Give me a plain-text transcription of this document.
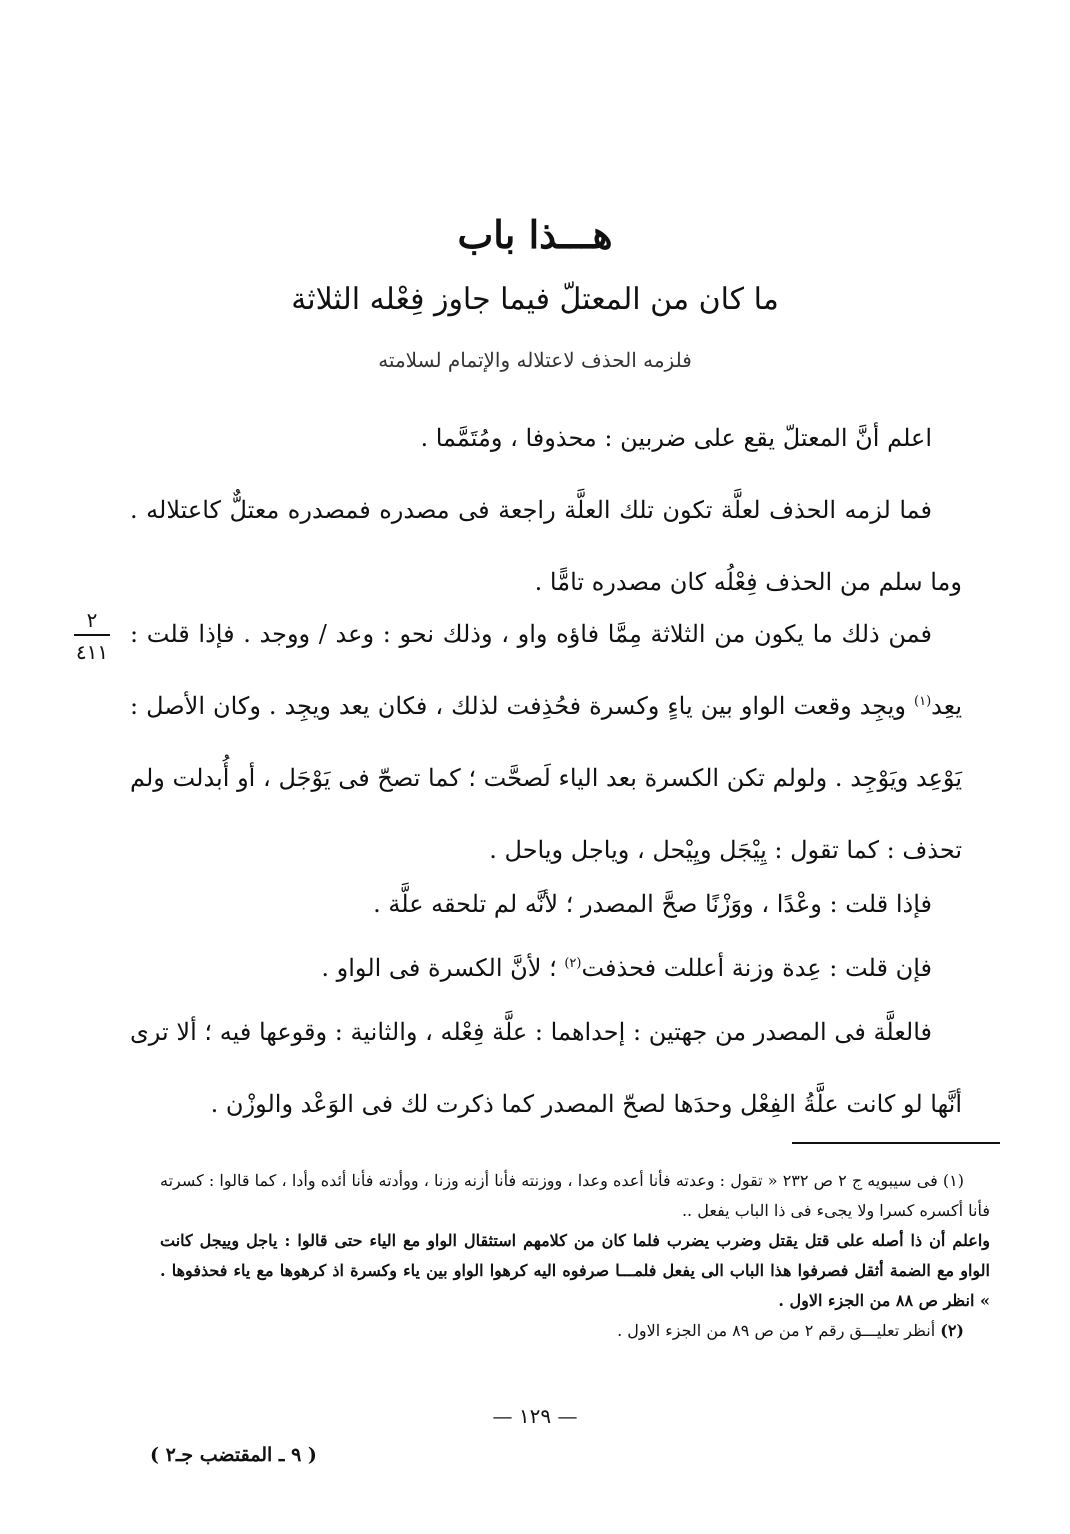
هـــذا باب
ما كان من المعتلّ فيما جاوز فِعْله الثلاثة
فلزمه الحذف لاعتلاله والإتمام لسلامته

اعلم أنَّ المعتلّ يقع على ضربين : محذوفا ، ومُتَمَّما .

فما لزمه الحذف لعلَّة تكون تلك العلَّة راجعة فى مصدره فمصدره معتلٌّ كاعتلاله . وما سلم من الحذف فِعْلُه كان مصدره تامًّا .

فمن ذلك ما يكون من الثلاثة مِمَّا فاؤه واو ، وذلك نحو : وعد / ووجد . فإذا قلت : يعِد$^{(١)}$ ويجِد وقعت الواو بين ياءٍ وكسرة فحُذِفت لذلك ، فكان يعد ويجِد . وكان الأصل : يَوْعِد ويَوْجِد . ولولم تكن الكسرة بعد الياء لَصحَّت ؛ كما تصحّ فى يَوْجَل ، أو أُبدلت ولم تحذف : كما تقول : يِيْجَل ويِيْحل ، وياجل وياحل .

٢
٤١١

فإذا قلت : وعْدًا ، ووَزْنًا صحَّ المصدر ؛ لأنَّه لم تلحقه علَّة .

فإن قلت : عِدة وزنة أعللت فحذفت$^{(٢)}$ ؛ لأنَّ الكسرة فى الواو .

فالعلَّة فى المصدر من جهتين : إحداهما : علَّة فِعْله ، والثانية : وقوعها فيه ؛ ألا ترى أنَّها لو كانت علَّةُ الفِعْل وحدَها لصحّ المصدر كما ذكرت لك فى الوَعْد والوزْن .

(١) فى سيبويه ج ٢ ص ٢٣٢ « تقول : وعدته فأنا أعده وعدا ، ووزنته فأنا أزنه وزنا ، ووأدته فأنا أئده وأدا ، كما قالوا : كسرته فأنا أكسره كسرا ولا يجىء فى ذا الباب يفعل ..

واعلم أن ذا أصله على قتل يقتل وضرب يضرب فلما كان من كلامهم استثقال الواو مع الياء حتى قالوا : ياجل وييجل كانت الواو مع الضمة أثقل فصرفوا هذا الباب الى يفعل فلمـــا صرفوه اليه كرهوا الواو بين ياء وكسرة اذ كرهوها مع ياء فحذفوها . » انظر ص ٨٨ من الجزء الاول .

(٢) أنظر تعليـــق رقم ٢ من ص ٨٩ من الجزء الاول .

— ١٢٩ —
( ٩ ـ المقتضب جـ٢ )
